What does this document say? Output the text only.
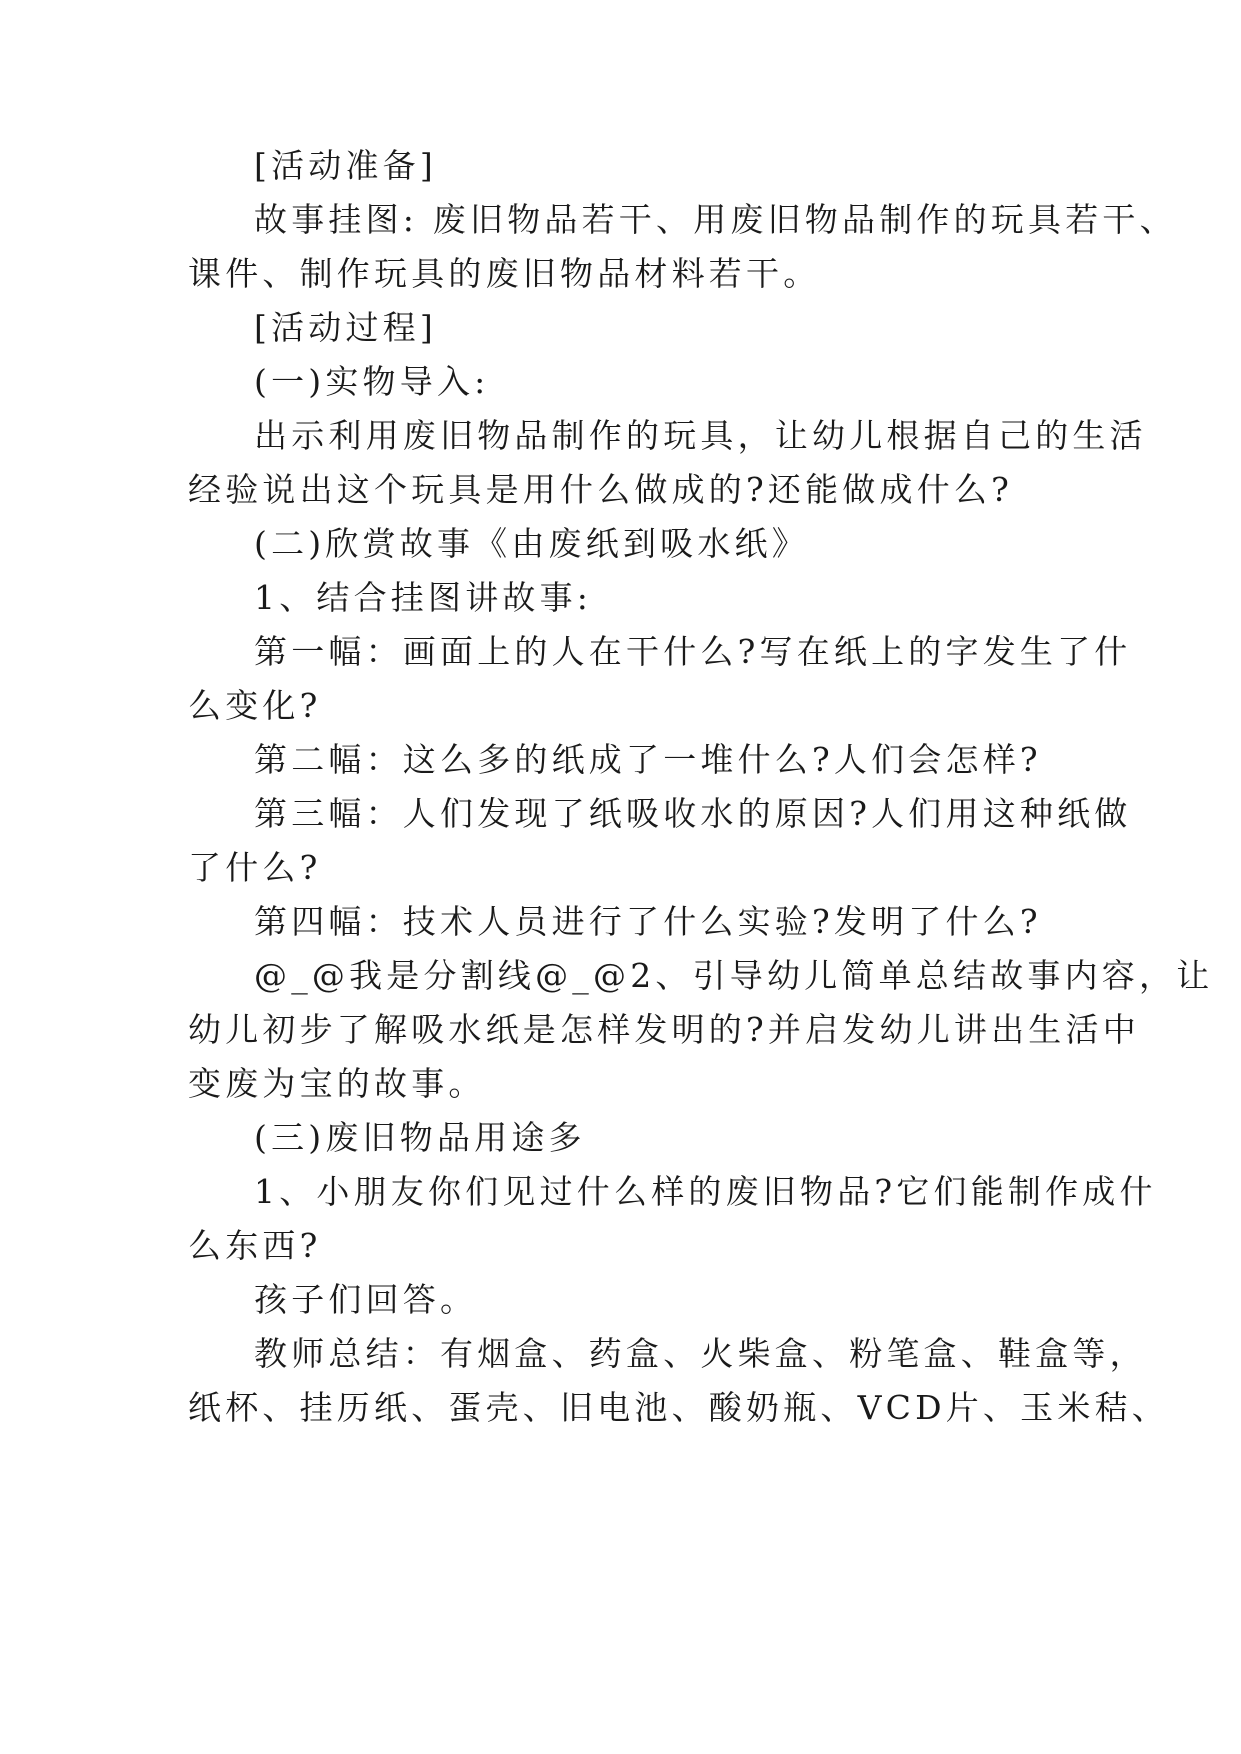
[活动准备]
故事挂图: 废旧物品若干、用废旧物品制作的玩具若干、
课件、制作玩具的废旧物品材料若干。
[活动过程]
(一)实物导入:
出示利用废旧物品制作的玩具，让幼儿根据自己的生活
经验说出这个玩具是用什么做成的?还能做成什么?
(二)欣赏故事《由废纸到吸水纸》
1、结合挂图讲故事:
第一幅：画面上的人在干什么?写在纸上的字发生了什
么变化?
第二幅：这么多的纸成了一堆什么?人们会怎样?
第三幅：人们发现了纸吸收水的原因?人们用这种纸做
了什么?
第四幅：技术人员进行了什么实验?发明了什么?
@_@我是分割线@_@2、引导幼儿简单总结故事内容，让
幼儿初步了解吸水纸是怎样发明的?并启发幼儿讲出生活中
变废为宝的故事。
(三)废旧物品用途多
1、小朋友你们见过什么样的废旧物品?它们能制作成什
么东西?
孩子们回答。
教师总结：有烟盒、药盒、火柴盒、粉笔盒、鞋盒等，
纸杯、挂历纸、蛋壳、旧电池、酸奶瓶、VCD片、玉米秸、
